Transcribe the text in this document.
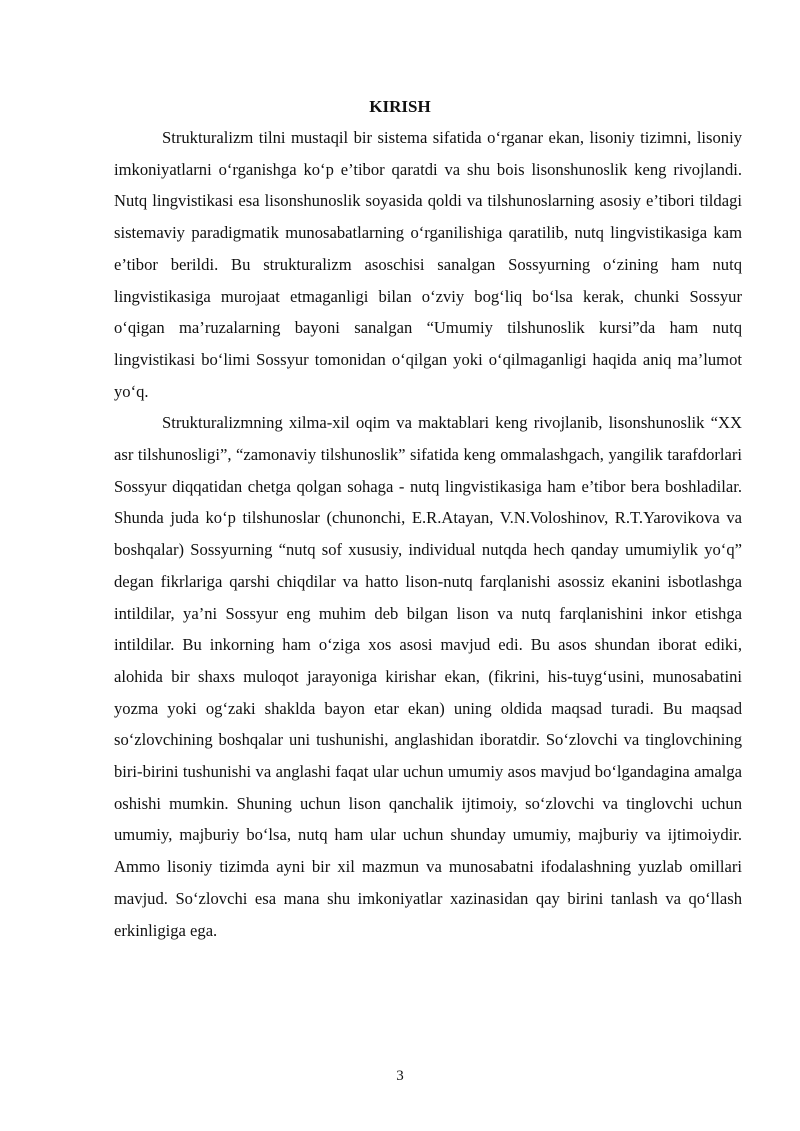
KIRISH

Strukturalizm tilni mustaqil bir sistema sifatida o‘rganar ekan, lisoniy tizimni, lisoniy imkoniyatlarni o‘rganishga ko‘p e’tibor qaratdi va shu bois lisonshunoslik keng rivojlandi. Nutq lingvistikasi esa lisonshunoslik soyasida qoldi va tilshunoslarning asosiy e’tibori tildagi sistemaviy paradigmatik munosabatlarning o‘rganilishiga qaratilib, nutq lingvistikasiga kam e’tibor berildi. Bu strukturalizm asoschisi sanalgan Sossyurning o‘zining ham nutq lingvistikasiga murojaat etmaganligi bilan o‘zviy bog‘liq bo‘lsa kerak, chunki Sossyur o‘qigan ma’ruzalarning bayoni sanalgan “Umumiy tilshunoslik kursi”da ham nutq lingvistikasi bo‘limi Sossyur tomonidan o‘qilgan yoki o‘qilmaganligi haqida aniq ma’lumot yo‘q.

Strukturalizmning xilma-xil oqim va maktablari keng rivojlanib, lisonshunoslik “XX asr tilshunosligi”, “zamonaviy tilshunoslik” sifatida keng ommalashgach, yangilik tarafdorlari Sossyur diqqatidan chetga qolgan sohaga - nutq lingvistikasiga ham e’tibor bera boshladilar. Shunda juda ko‘p tilshunoslar (chunonchi, E.R.Atayan, V.N.Voloshinov, R.T.Yarovikova va boshqalar) Sossyurning “nutq sof xususiy, individual nutqda hech qanday umumiylik yo‘q” degan fikrlariga qarshi chiqdilar va hatto lison-nutq farqlanishi asossiz ekanini isbotlashga intildilar, ya’ni Sossyur eng muhim deb bilgan lison va nutq farqlanishini inkor etishga intildilar. Bu inkorning ham o‘ziga xos asosi mavjud edi. Bu asos shundan iborat ediki, alohida bir shaxs muloqot jarayoniga kirishar ekan, (fikrini, his-tuyg‘usini, munosabatini yozma yoki og‘zaki shaklda bayon etar ekan) uning oldida maqsad turadi. Bu maqsad so‘zlovchining boshqalar uni tushunishi, anglashidan iboratdir. So‘zlovchi va tinglovchining biri-birini tushunishi va anglashi faqat ular uchun umumiy asos mavjud bo‘lgandagina amalga oshishi mumkin. Shuning uchun lison qanchalik ijtimoiy, so‘zlovchi va tinglovchi uchun umumiy, majburiy bo‘lsa, nutq ham ular uchun shunday umumiy, majburiy va ijtimoiydir. Ammo lisoniy tizimda ayni bir xil mazmun va munosabatni ifodalashning yuzlab omillari mavjud. So‘zlovchi esa mana shu imkoniyatlar xazinasidan qay birini tanlash va qo‘llash erkinligiga ega.

3
